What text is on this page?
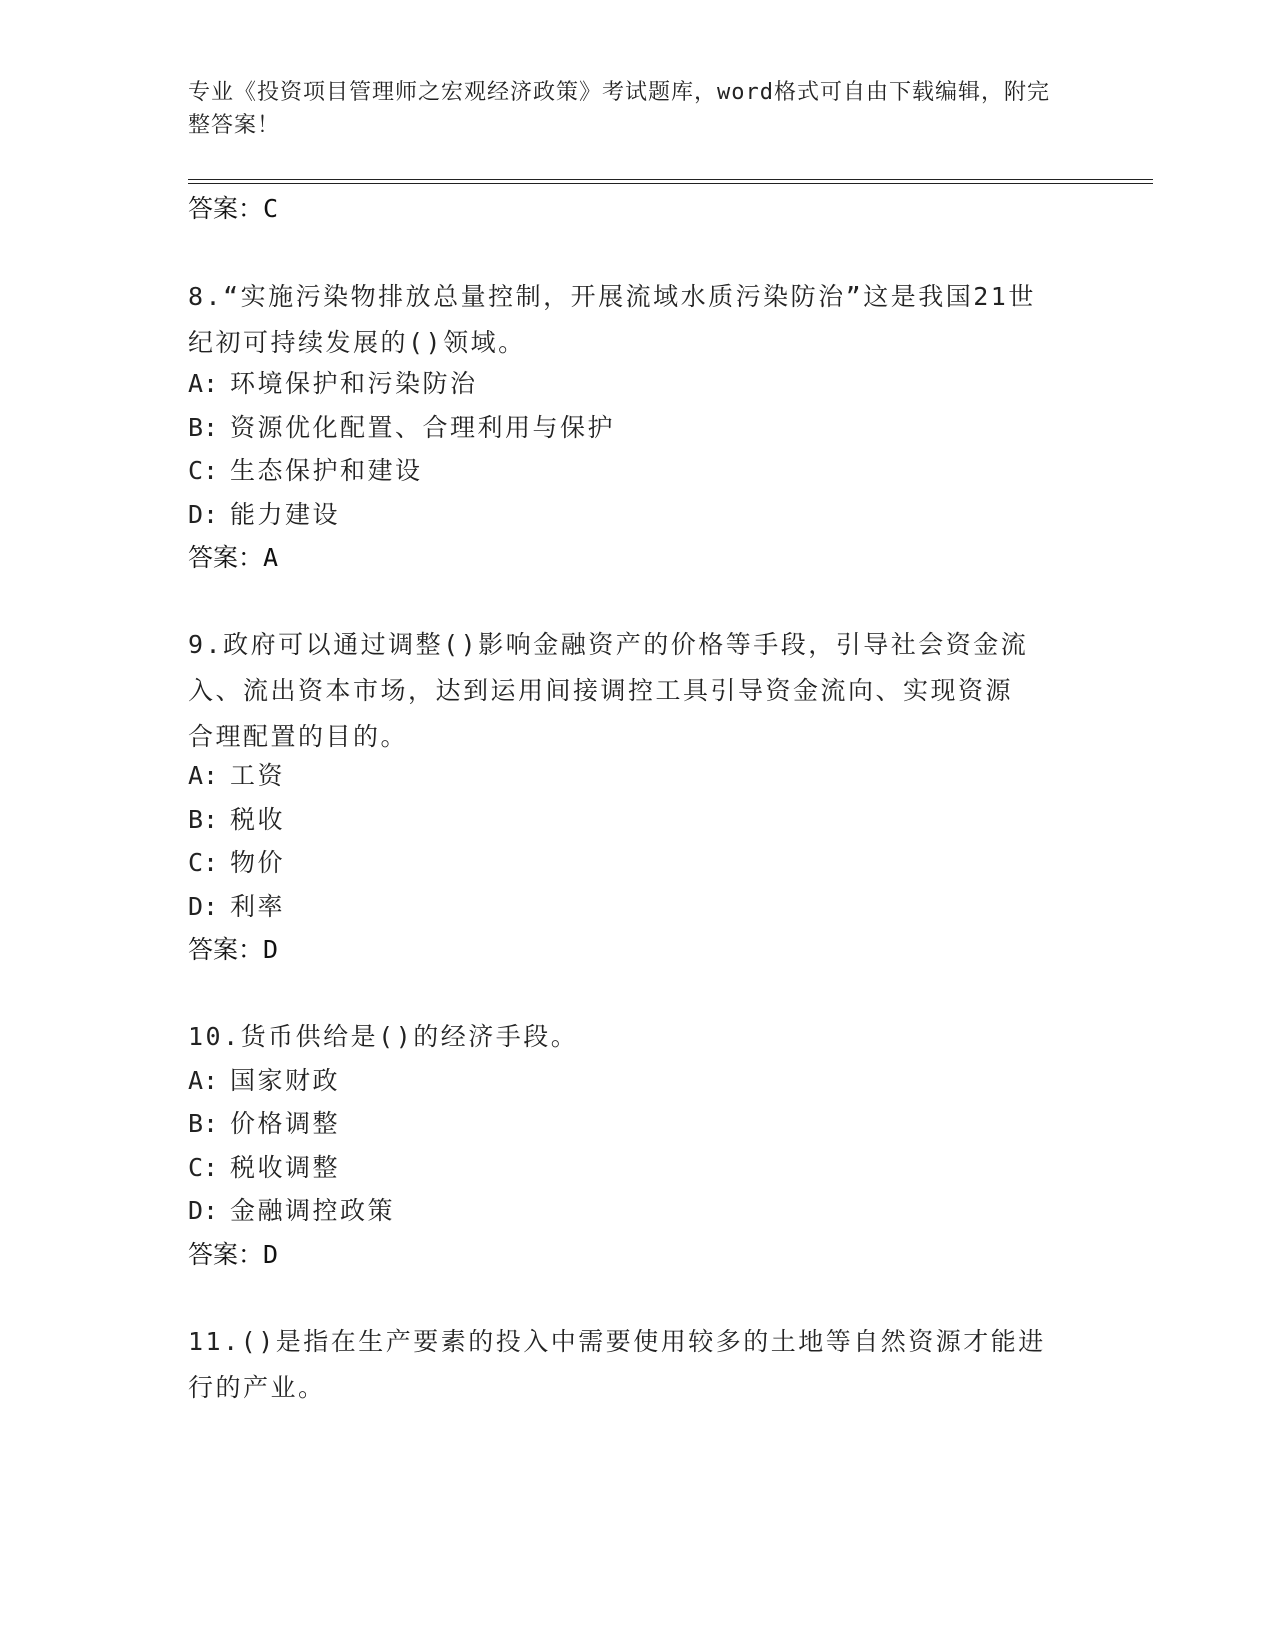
专业《投资项目管理师之宏观经济政策》考试题库，word格式可自由下载编辑，附完整答案！
答案：C
8.“实施污染物排放总量控制，开展流域水质污染防治”这是我国21世纪初可持续发展的()领域。
A: 环境保护和污染防治
B: 资源优化配置、合理利用与保护
C: 生态保护和建设
D: 能力建设
答案：A
9.政府可以通过调整()影响金融资产的价格等手段，引导社会资金流入、流出资本市场，达到运用间接调控工具引导资金流向、实现资源合理配置的目的。
A: 工资
B: 税收
C: 物价
D: 利率
答案：D
10.货币供给是()的经济手段。
A: 国家财政
B: 价格调整
C: 税收调整
D: 金融调控政策
答案：D
11.()是指在生产要素的投入中需要使用较多的土地等自然资源才能进行的产业。
